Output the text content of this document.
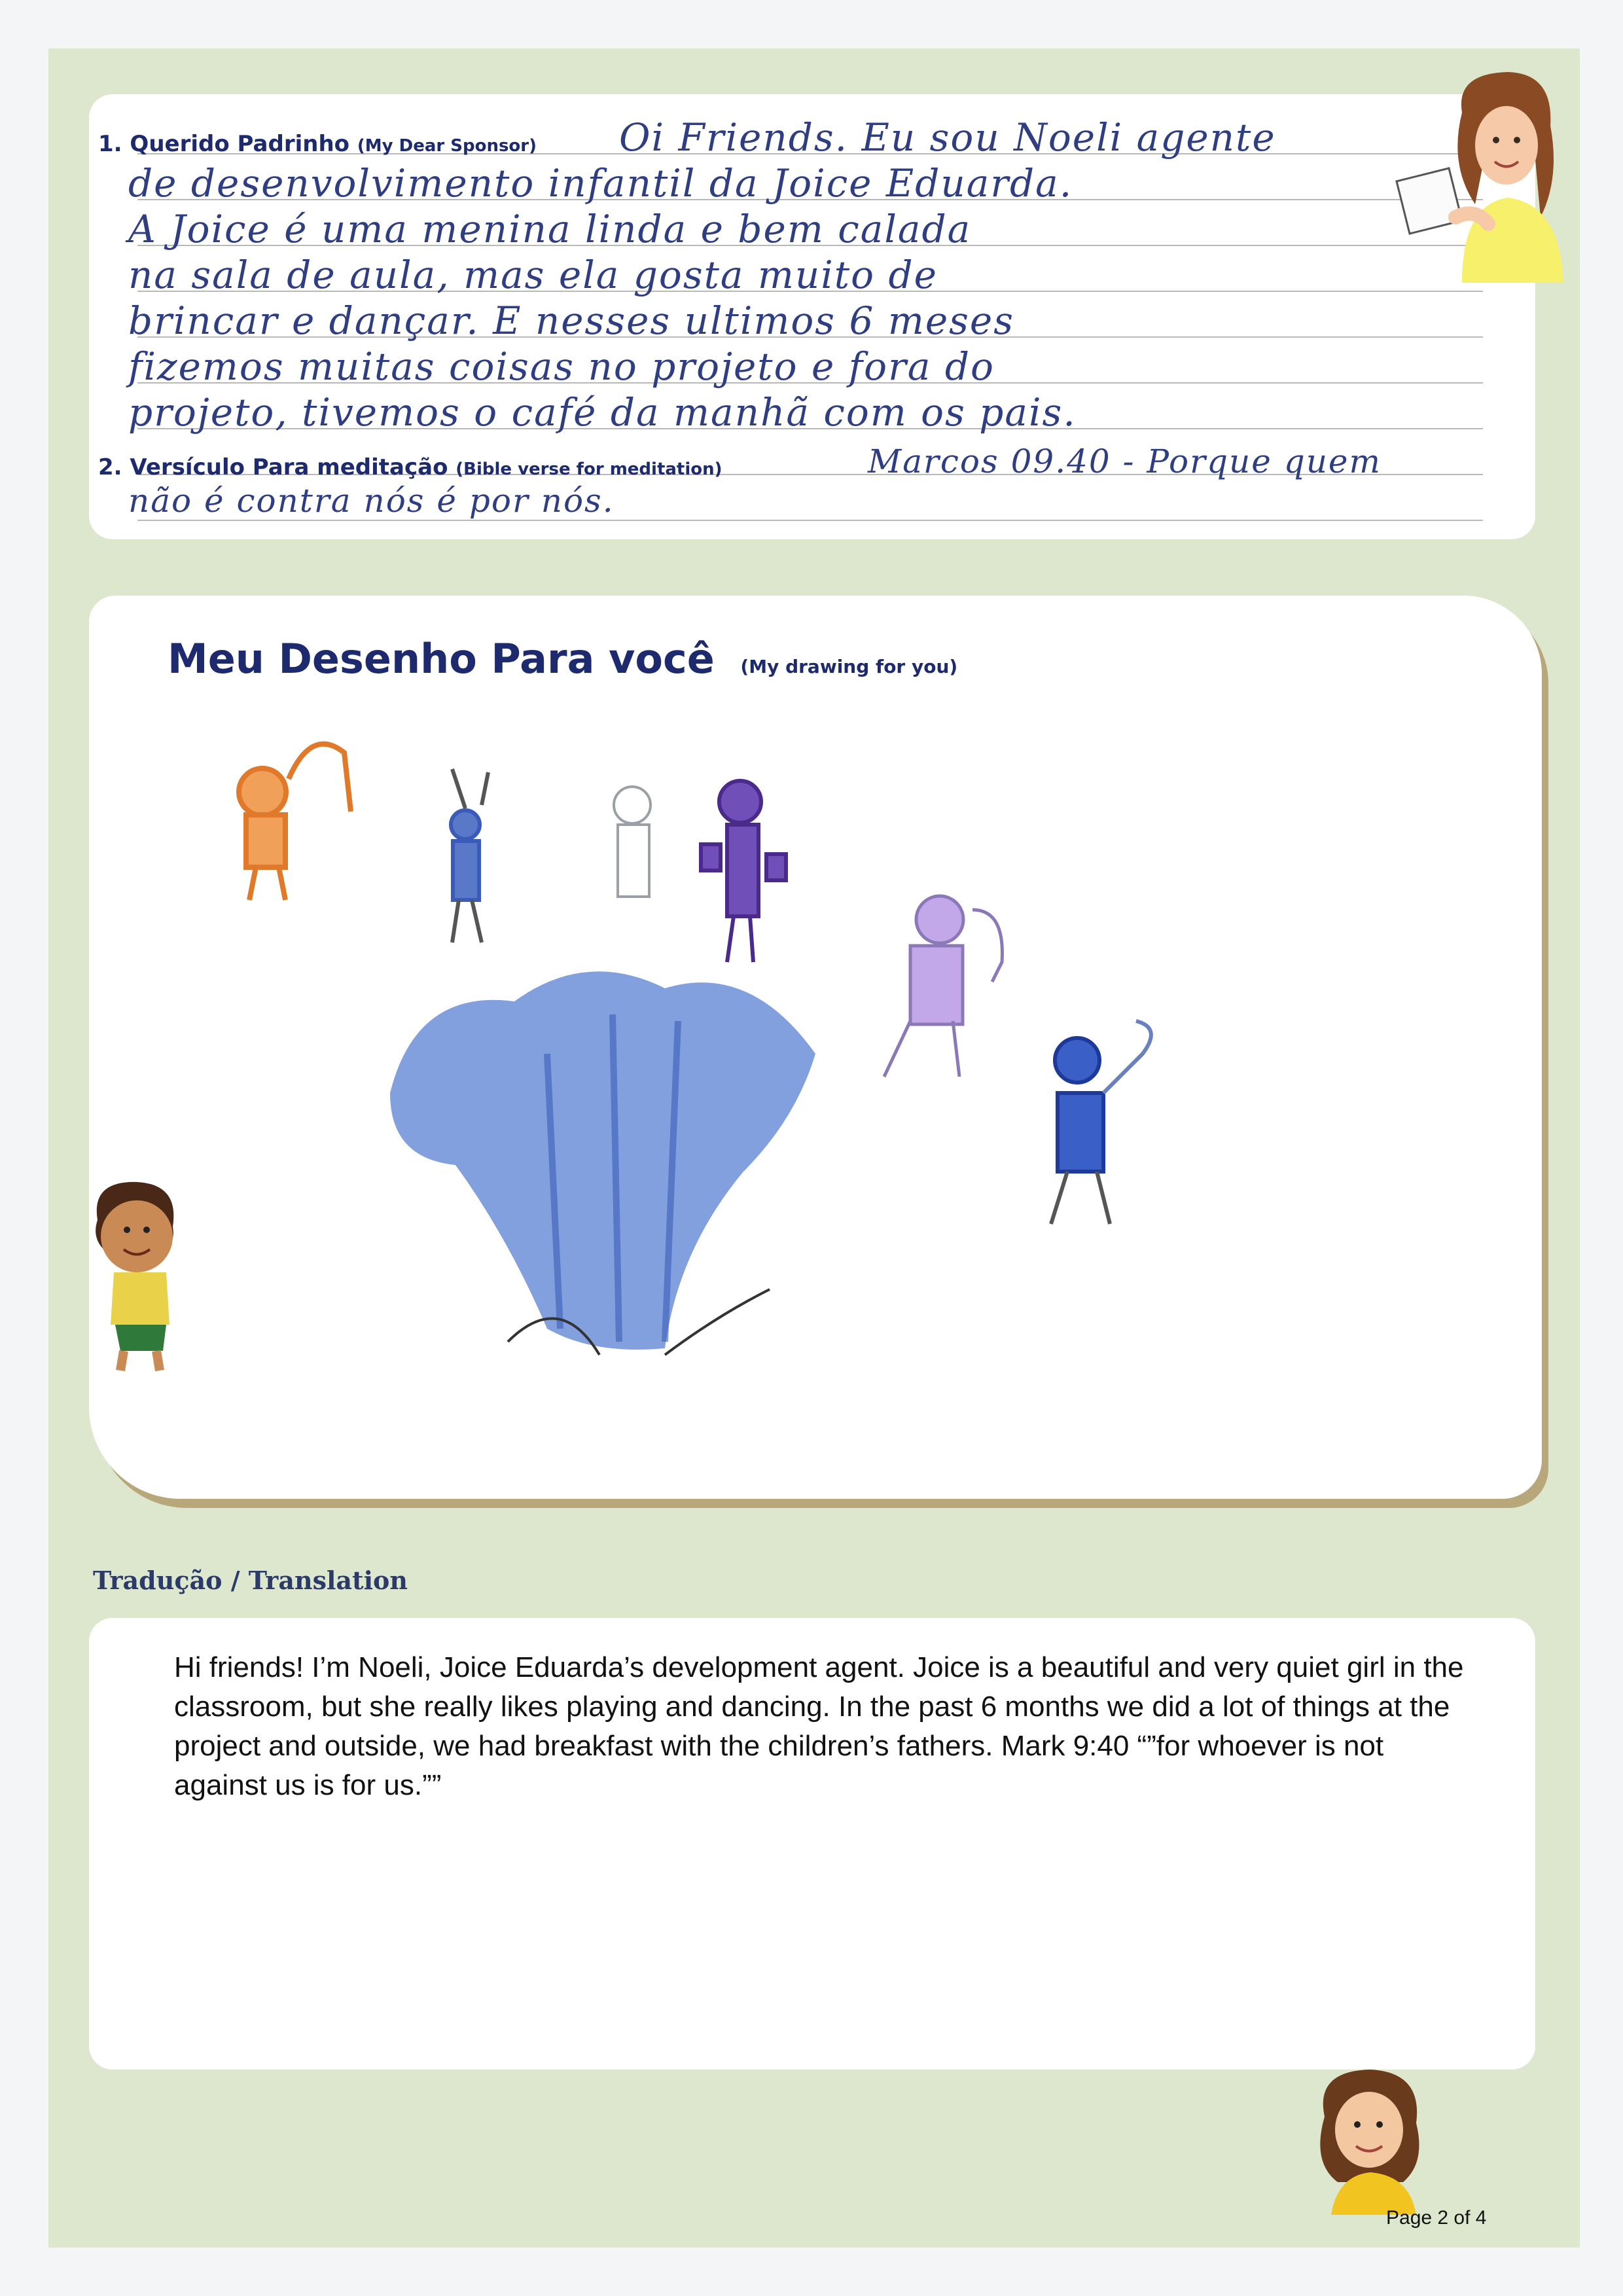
1. Querido Padrinho (My Dear Sponsor) Oi Friends. Eu sou Noeli agente
de desenvolvimento infantil da Joice Eduarda.
A Joice é uma menina linda e bem calada
na sala de aula, mas ela gosta muito de
brincar e dançar. E nesses ultimos 6 meses
fizemos muitas coisas no projeto e fora do
projeto, tivemos o café da manhã com os pais.
2. Versículo Para meditação (Bible verse for meditation)	Marcos 09.40 - Porque quem
não é contra nós é por nós.
Meu Desenho Para você (My drawing for you)
Tradução / Translation
Hi friends! I’m Noeli, Joice Eduarda’s development agent. Joice is a beautiful and very quiet girl in the classroom, but she really likes playing and dancing. In the past 6 months we did a lot of things at the project and outside, we had breakfast with the children’s fathers. Mark 9:40 “”for whoever is not against us is for us.””
Page 2 of 4
